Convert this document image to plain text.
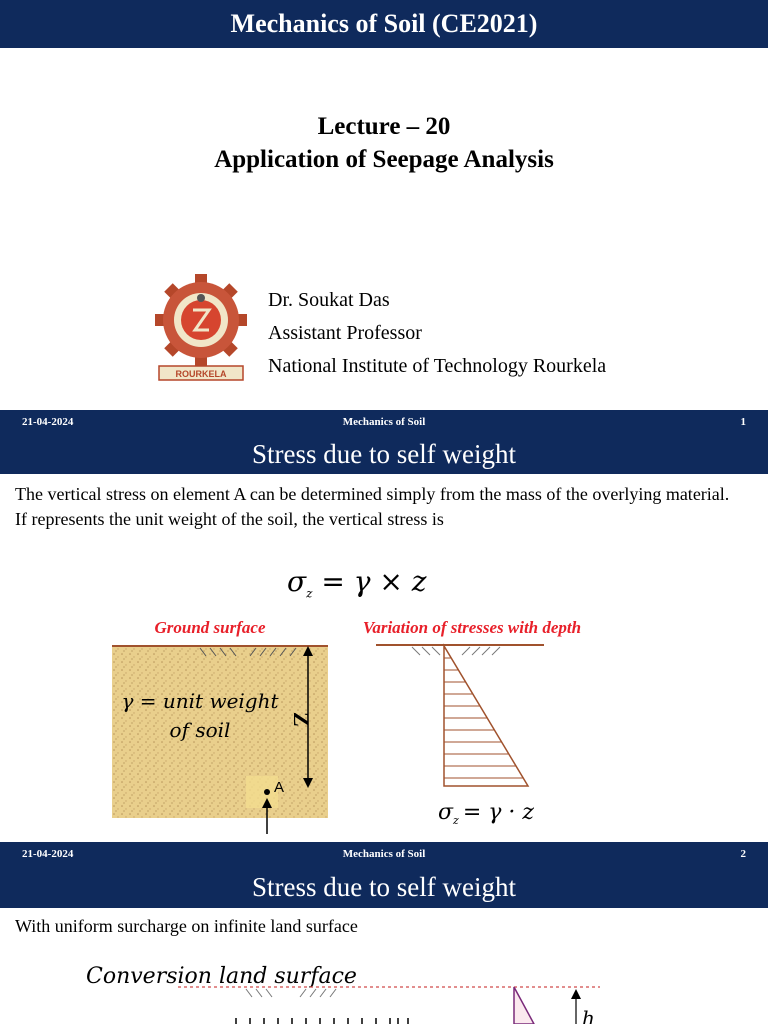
Mechanics of Soil (CE2021)
Lecture – 20
Application of Seepage Analysis
ROURKELA
Dr. Soukat Das
Assistant Professor
National Institute of Technology Rourkela
21-04-2024	Mechanics of Soil	1
Stress due to self weight

The vertical stress on element A can be determined simply from the mass of the overlying material.

If represents the unit weight of the soil, the vertical stress is

$\sigma_z = \gamma \times z$
Ground surface	Variation of stresses with depth
γ = unit weight
of soil	Z
A
$\sigma_z = \gamma \cdot z$
21-04-2024	Mechanics of Soil	2
Stress due to self weight

With uniform surcharge on infinite land surface

Conversion land surface
h
